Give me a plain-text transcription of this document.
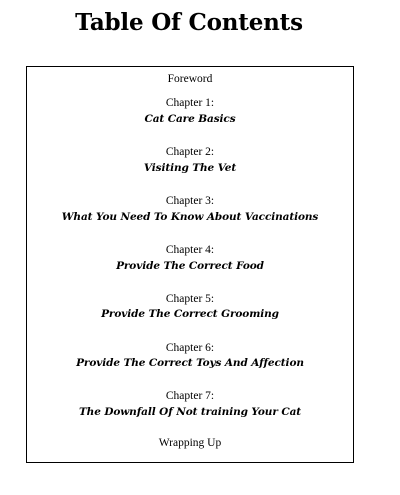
Table Of Contents
Foreword
Chapter 1:
Cat Care Basics
Chapter 2:
Visiting The Vet
Chapter 3:
What You Need To Know About Vaccinations
Chapter 4:
Provide The Correct Food
Chapter 5:
Provide The Correct Grooming
Chapter 6:
Provide The Correct Toys And Affection
Chapter 7:
The Downfall Of Not training Your Cat
Wrapping Up
